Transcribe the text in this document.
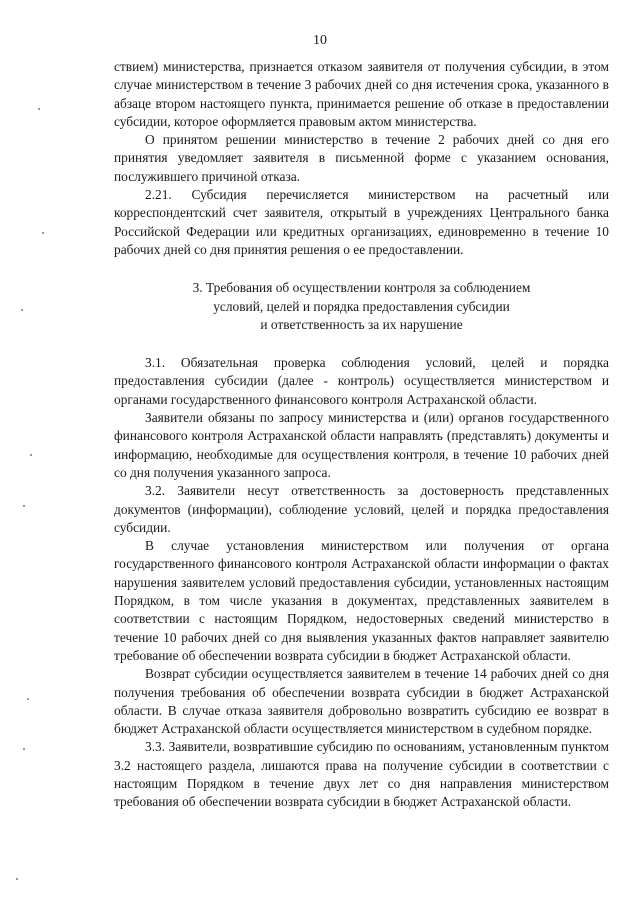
10

ствием) министерства, признается отказом заявителя от получения субсидии, в этом случае министерством в течение 3 рабочих дней со дня истечения срока, указанного в абзаце втором настоящего пункта, принимается решение об отказе в предоставлении субсидии, которое оформляется правовым актом министерства.

О принятом решении министерство в течение 2 рабочих дней со дня его принятия уведомляет заявителя в письменной форме с указанием основания, послужившего причиной отказа.

2.21. Субсидия перечисляется министерством на расчетный или корреспондентский счет заявителя, открытый в учреждениях Центрального банка Российской Федерации или кредитных организациях, единовременно в течение 10 рабочих дней со дня принятия решения о ее предоставлении.

3. Требования об осуществлении контроля за соблюдением
условий, целей и порядка предоставления субсидии
и ответственность за их нарушение

3.1. Обязательная проверка соблюдения условий, целей и порядка предоставления субсидии (далее - контроль) осуществляется министерством и органами государственного финансового контроля Астраханской области.

Заявители обязаны по запросу министерства и (или) органов государственного финансового контроля Астраханской области направлять (представлять) документы и информацию, необходимые для осуществления контроля, в течение 10 рабочих дней со дня получения указанного запроса.

3.2. Заявители несут ответственность за достоверность представленных документов (информации), соблюдение условий, целей и порядка предоставления субсидии.

В случае установления министерством или получения от органа государственного финансового контроля Астраханской области информации о фактах нарушения заявителем условий предоставления субсидии, установленных настоящим Порядком, в том числе указания в документах, представленных заявителем в соответствии с настоящим Порядком, недостоверных сведений министерство в течение 10 рабочих дней со дня выявления указанных фактов направляет заявителю требование об обеспечении возврата субсидии в бюджет Астраханской области.

Возврат субсидии осуществляется заявителем в течение 14 рабочих дней со дня получения требования об обеспечении возврата субсидии в бюджет Астраханской области. В случае отказа заявителя добровольно возвратить субсидию ее возврат в бюджет Астраханской области осуществляется министерством в судебном порядке.

3.3. Заявители, возвратившие субсидию по основаниям, установленным пунктом 3.2 настоящего раздела, лишаются права на получение субсидии в соответствии с настоящим Порядком в течение двух лет со дня направления министерством требования об обеспечении возврата субсидии в бюджет Астраханской области.
